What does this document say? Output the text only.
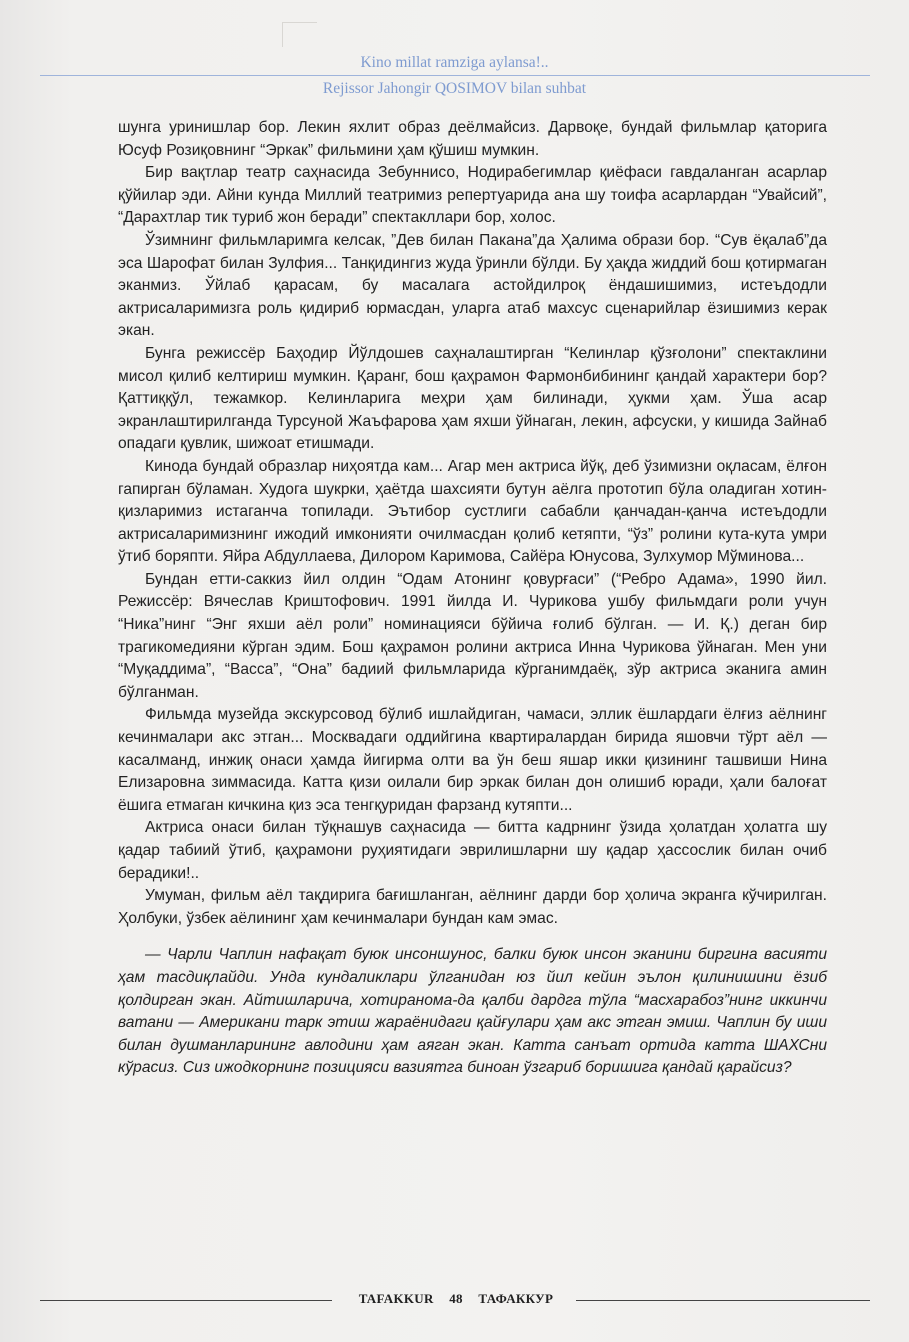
Kino millat ramziga aylansa!..
Rejissor Jahongir QOSIMOV bilan suhbat

шунга уринишлар бор. Лекин яхлит образ деёлмайсиз. Дарвоқе, бундай фильмлар қаторига Юсуф Розиқовнинг “Эркак” фильмини ҳам қўшиш мумкин.

Бир вақтлар театр саҳнасида Зебуннисо, Нодирабегимлар қиёфаси гавдаланган асарлар қўйилар эди. Айни кунда Миллий театримиз репертуарида ана шу тоифа асарлардан “Увайсий”, “Дарахтлар тик туриб жон беради” спектакллари бор, холос.

Ўзимнинг фильмларимга келсак, ”Дев билан Пакана”да Ҳалима образи бор. “Сув ёқалаб”да эса Шарофат билан Зулфия... Танқидингиз жуда ўринли бўлди. Бу ҳақда жиддий бош қотирмаган эканмиз. Ўйлаб қарасам, бу масалага астойдилроқ ёндашишимиз, истеъдодли актрисаларимизга роль қидириб юрмасдан, уларга атаб махсус сценарийлар ёзишимиз керак экан.

Бунга режиссёр Баҳодир Йўлдошев саҳналаштирган “Келинлар қўзғолони” спектаклини мисол қилиб келтириш мумкин. Қаранг, бош қаҳрамон Фармонбибининг қандай характери бор? Қаттиққўл, тежамкор. Келинларига меҳри ҳам билинади, ҳукми ҳам. Ўша асар экранлаштирилганда Турсуной Жаъфарова ҳам яхши ўйнаган, лекин, афсуски, у кишида Зайнаб опадаги қувлик, шижоат етишмади.

Кинода бундай образлар ниҳоятда кам... Агар мен актриса йўқ, деб ўзимизни оқласам, ёлғон гапирган бўламан. Худога шукрки, ҳаётда шахсияти бутун аёлга прототип бўла оладиган хотин-қизларимиз истаганча топилади. Эътибор сустлиги сабабли қанчадан-қанча истеъдодли актрисаларимизнинг ижодий имконияти очилмасдан қолиб кетяпти, “ўз” ролини кута-кута умри ўтиб боряпти. Яйра Абдуллаева, Дилором Каримова, Сайёра Юнусова, Зулхумор Мўминова...

Бундан етти-саккиз йил олдин “Одам Атонинг қовурғаси” (“Ребро Адама», 1990 йил. Режиссёр: Вячеслав Криштофович. 1991 йилда И. Чурикова ушбу фильмдаги роли учун “Ника”нинг “Энг яхши аёл роли” номинацияси бўйича ғолиб бўлган. — И. Қ.) деган бир трагикомедияни кўрган эдим. Бош қаҳрамон ролини актриса Инна Чурикова ўйнаган. Мен уни “Муқаддима”, “Васса”, “Она” бадиий фильмларида кўрганимдаёқ, зўр актриса эканига амин бўлганман.

Фильмда музейда экскурсовод бўлиб ишлайдиган, чамаси, эллик ёшлардаги ёлғиз аёлнинг кечинмалари акс этган... Москвадаги оддийгина квартиралардан бирида яшовчи тўрт аёл — касалманд, инжиқ онаси ҳамда йигирма олти ва ўн беш яшар икки қизининг ташвиши Нина Елизаровна зиммасида. Катта қизи оилали бир эркак билан дон олишиб юради, ҳали балоғат ёшига етмаган кичкина қиз эса тенгқуридан фарзанд кутяпти...

Актриса онаси билан тўқнашув саҳнасида — битта кадрнинг ўзида ҳолатдан ҳолатга шу қадар табиий ўтиб, қаҳрамони руҳиятидаги эврилишларни шу қадар ҳассослик билан очиб берадики!..

Умуман, фильм аёл тақдирига бағишланган, аёлнинг дарди бор ҳолича экранга кўчирилган. Ҳолбуки, ўзбек аёлининг ҳам кечинмалари бундан кам эмас.

— Чарли Чаплин нафақат буюк инсоншунос, балки буюк инсон эканини биргина васияти ҳам тасдиқлайди. Унда кундаликлари ўлганидан юз йил кейин эълон қилинишини ёзиб қолдирган экан. Айтишларича, хотиранома-да қалби дардга тўла “масхарабоз”нинг иккинчи ватани — Американи тарк этиш жараёнидаги қайғулари ҳам акс этган эмиш. Чаплин бу иши билан душманларининг авлодини ҳам аяган экан. Катта санъат ортида катта ШАХСни кўрасиз. Сиз ижодкорнинг позицияси вазиятга биноан ўзгариб боришига қандай қарайсиз?

TAFAKKUR 48 ТАФАККУР
